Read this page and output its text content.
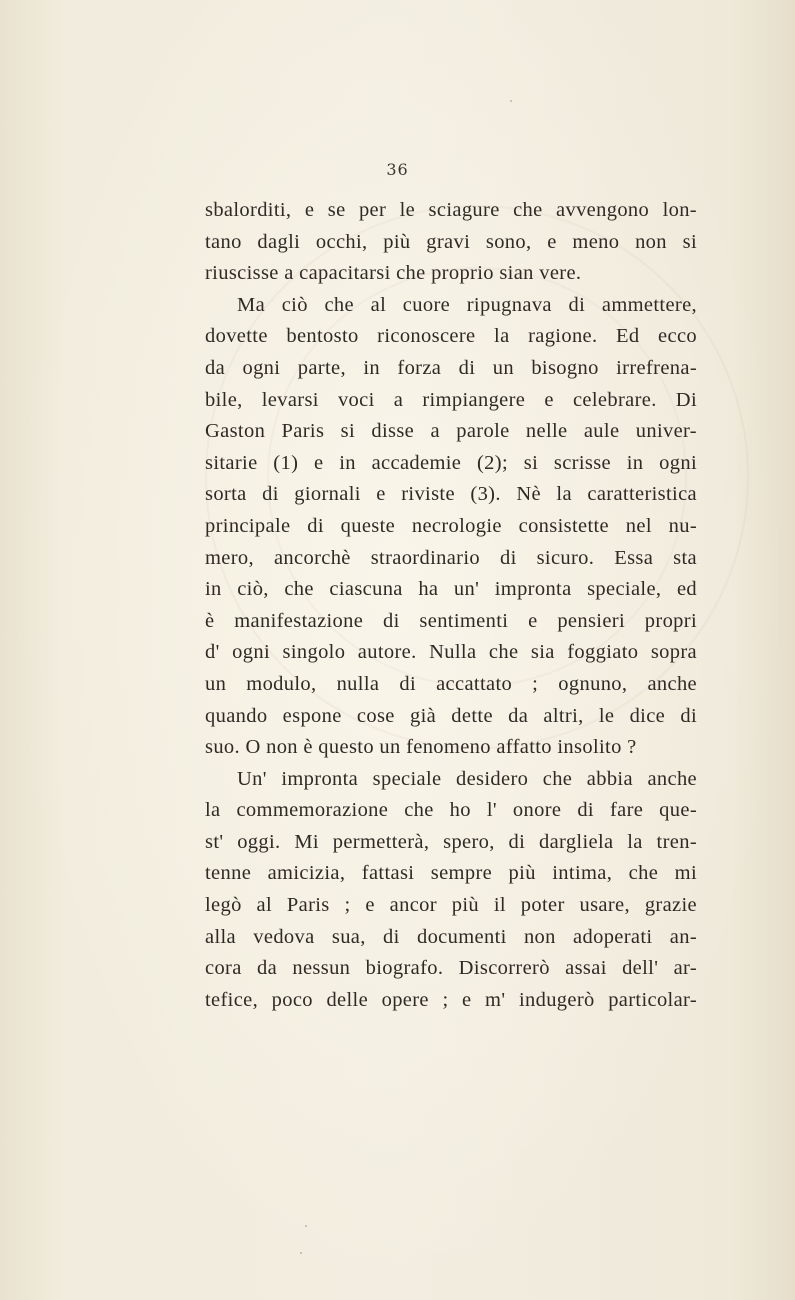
36
sbalorditi, e se per le sciagure che avvengono lon-
tano dagli occhi, più gravi sono, e meno non si
riuscisse a capacitarsi che proprio sian vere.
Ma ciò che al cuore ripugnava di ammettere,
dovette bentosto riconoscere la ragione. Ed ecco
da ogni parte, in forza di un bisogno irrefrena-
bile, levarsi voci a rimpiangere e celebrare. Di
Gaston Paris si disse a parole nelle aule univer-
sitarie (1) e in accademie (2); si scrisse in ogni
sorta di giornali e riviste (3). Nè la caratteristica
principale di queste necrologie consistette nel nu-
mero, ancorchè straordinario di sicuro. Essa sta
in ciò, che ciascuna ha un' impronta speciale, ed
è manifestazione di sentimenti e pensieri propri
d' ogni singolo autore. Nulla che sia foggiato sopra
un modulo, nulla di accattato ; ognuno, anche
quando espone cose già dette da altri, le dice di
suo. O non è questo un fenomeno affatto insolito ?
Un' impronta speciale desidero che abbia anche
la commemorazione che ho l' onore di fare que-
st' oggi. Mi permetterà, spero, di dargliela la tren-
tenne amicizia, fattasi sempre più intima, che mi
legò al Paris ; e ancor più il poter usare, grazie
alla vedova sua, di documenti non adoperati an-
cora da nessun biografo. Discorrerò assai dell' ar-
tefice, poco delle opere ; e m' indugerò particolar-
